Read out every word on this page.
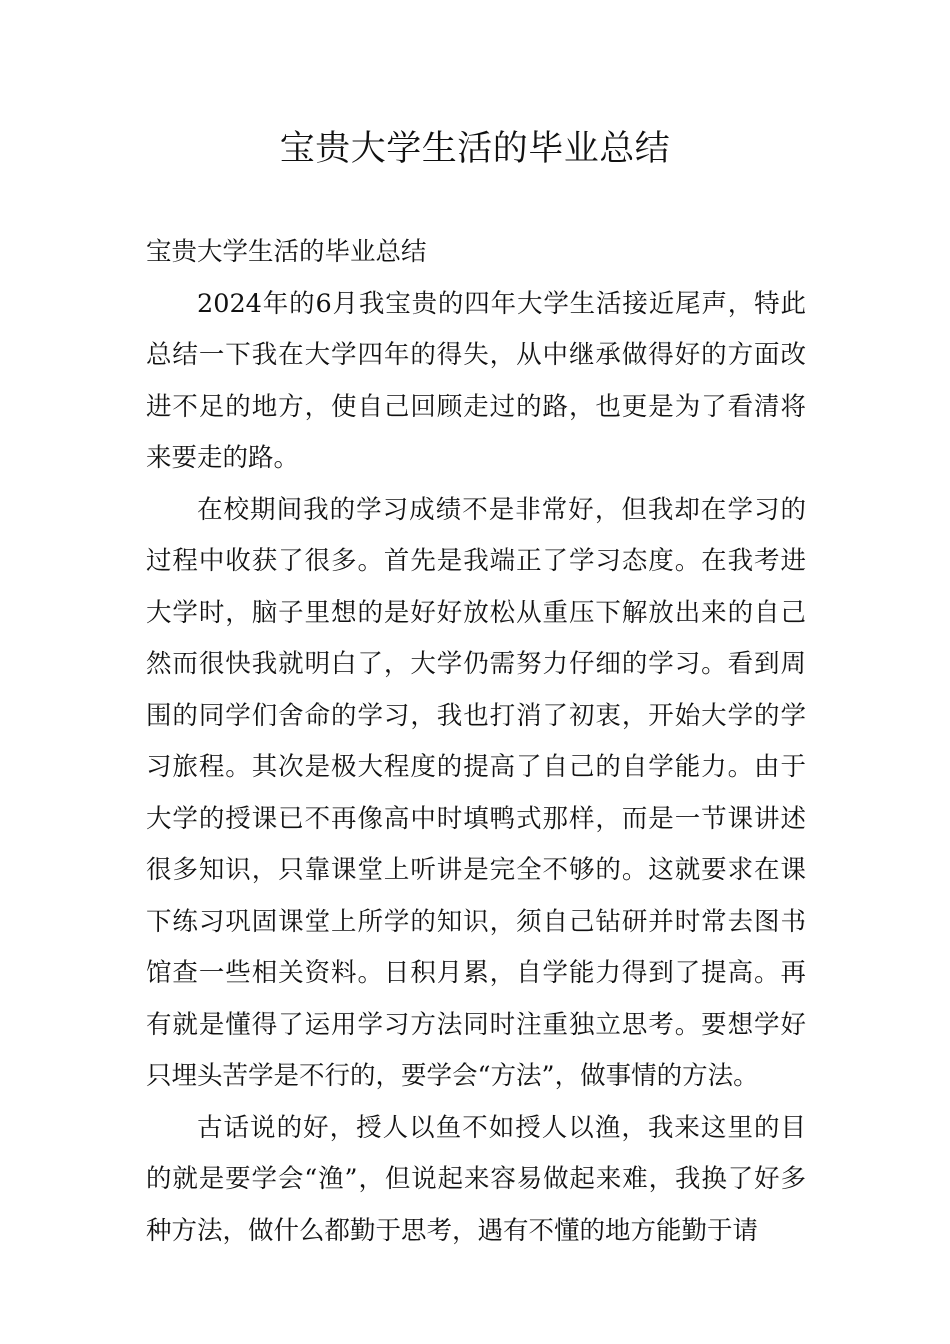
宝贵大学生活的毕业总结

宝贵大学生活的毕业总结

2024年的6月我宝贵的四年大学生活接近尾声，特此总结一下我在大学四年的得失，从中继承做得好的方面改进不足的地方，使自己回顾走过的路，也更是为了看清将来要走的路。

在校期间我的学习成绩不是非常好，但我却在学习的过程中收获了很多。首先是我端正了学习态度。在我考进大学时，脑子里想的是好好放松从重压下解放出来的自己然而很快我就明白了，大学仍需努力仔细的学习。看到周围的同学们舍命的学习，我也打消了初衷，开始大学的学习旅程。其次是极大程度的提高了自己的自学能力。由于大学的授课已不再像高中时填鸭式那样，而是一节课讲述很多知识，只靠课堂上听讲是完全不够的。这就要求在课下练习巩固课堂上所学的知识，须自己钻研并时常去图书馆查一些相关资料。日积月累，自学能力得到了提高。再有就是懂得了运用学习方法同时注重独立思考。要想学好只埋头苦学是不行的，要学会“方法”，做事情的方法。

古话说的好，授人以鱼不如授人以渔，我来这里的目的就是要学会“渔”，但说起来容易做起来难，我换了好多种方法，做什么都勤于思考，遇有不懂的地方能勤于请
